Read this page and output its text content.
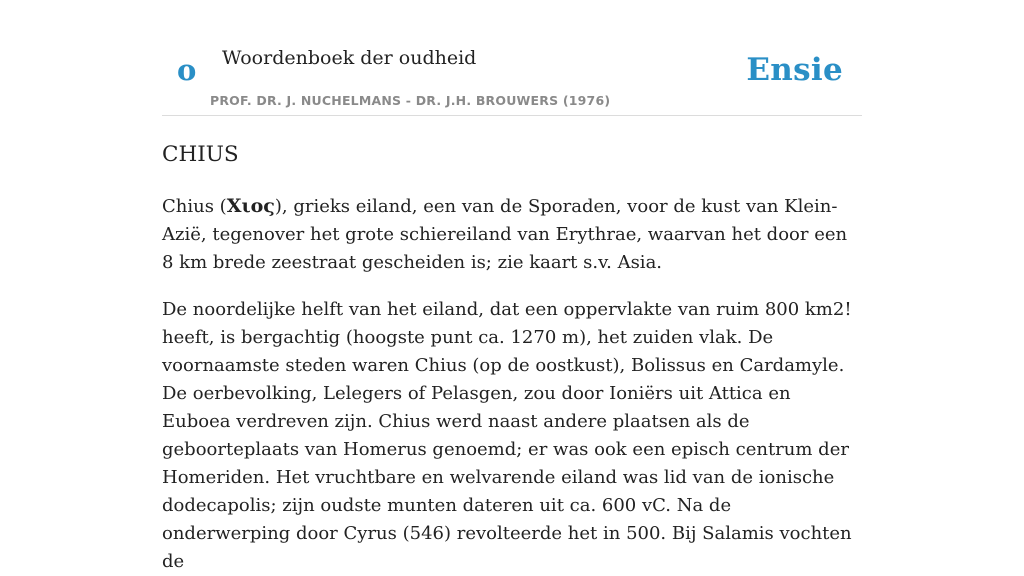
o Woordenboek der oudheid
PROF. DR. J. NUCHELMANS - DR. J.H. BROUWERS (1976)
Ensie
CHIUS

Chius (Χιος), grieks eiland, een van de Sporaden, voor de kust van Klein-Azië, tegenover het grote schiereiland van Erythrae, waarvan het door een 8 km brede zeestraat gescheiden is; zie kaart s.v. Asia.

De noordelijke helft van het eiland, dat een oppervlakte van ruim 800 km2! heeft, is bergachtig (hoogste punt ca. 1270 m), het zuiden vlak. De voornaamste steden waren Chius (op de oostkust), Bolissus en Cardamyle. De oerbevolking, Lelegers of Pelasgen, zou door Ioniërs uit Attica en Euboea verdreven zijn. Chius werd naast andere plaatsen als de geboorteplaats van Homerus genoemd; er was ook een episch centrum der Homeriden. Het vruchtbare en welvarende eiland was lid van de ionische dodecapolis; zijn oudste munten dateren uit ca. 600 vC. Na de onderwerping door Cyrus (546) revolteerde het in 500. Bij Salamis vochten de
